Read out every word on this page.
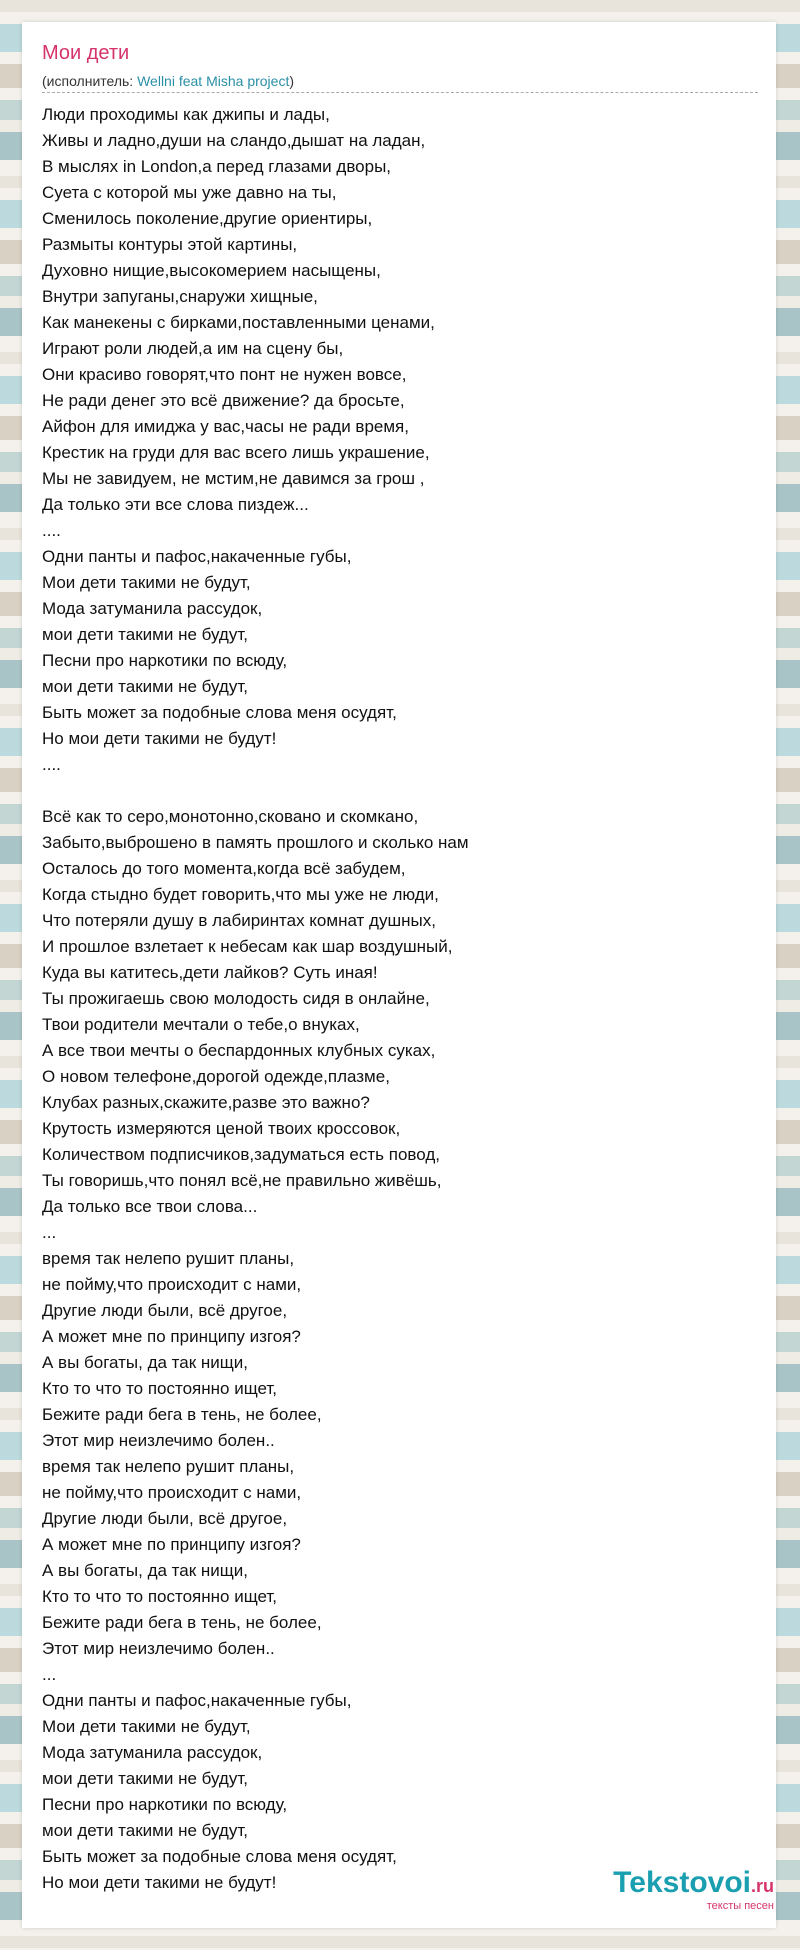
Мои дети
(исполнитель: Wellni feat Misha project)
Люди проходимы как джипы и лады,
Живы и ладно,души на сландо,дышат на ладан,
В мыслях in London,а перед глазами дворы,
Суета с которой мы уже давно на ты,
Сменилось поколение,другие ориентиры,
Размыты контуры этой картины,
Духовно нищие,высокомерием насыщены,
Внутри запуганы,снаружи хищные,
Как манекены с бирками,поставленными ценами,
Играют роли людей,а им на сцену бы,
Они красиво говорят,что понт не нужен вовсе,
Не ради денег это всё движение? да бросьте,
Айфон для имиджа у вас,часы не ради время,
Крестик на груди для вас всего лишь украшение,
Мы не завидуем, не мстим,не давимся за грош ,
Да только эти все слова пиздеж...
....
Одни панты и пафос,накаченные губы,
Мои дети такими не будут,
Мода затуманила рассудок,
мои дети такими не будут,
Песни про наркотики по всюду,
мои дети такими не будут,
Быть может за подобные слова меня осудят,
Но мои дети такими не будут!
....
Всё как то серо,монотонно,сковано и скомкано,
Забыто,выброшено в память прошлого и сколько нам
Осталось до того момента,когда всё забудем,
Когда стыдно будет говорить,что мы уже не люди,
Что потеряли душу в лабиринтах комнат душных,
И прошлое взлетает к небесам как шар воздушный,
Куда вы катитесь,дети лайков? Суть иная!
Ты прожигаешь свою молодость сидя в онлайне,
Твои родители мечтали о тебе,о внуках,
А все твои мечты о беспардонных клубных суках,
О новом телефоне,дорогой одежде,плазме,
Клубах разных,скажите,разве это важно?
Крутость измеряются ценой твоих кроссовок,
Количеством подписчиков,задуматься есть повод,
Ты говоришь,что понял всё,не правильно живёшь,
Да только все твои слова...
...
время так нелепо рушит планы,
не пойму,что происходит с нами,
Другие люди были, всё другое,
А может мне по принципу изгоя?
А вы богаты, да так нищи,
Кто то что то постоянно ищет,
Бежите ради бега в тень, не более,
Этот мир неизлечимо болен..
время так нелепо рушит планы,
не пойму,что происходит с нами,
Другие люди были, всё другое,
А может мне по принципу изгоя?
А вы богаты, да так нищи,
Кто то что то постоянно ищет,
Бежите ради бега в тень, не более,
Этот мир неизлечимо болен..
...
Одни панты и пафос,накаченные губы,
Мои дети такими не будут,
Мода затуманила рассудок,
мои дети такими не будут,
Песни про наркотики по всюду,
мои дети такими не будут,
Быть может за подобные слова меня осудят,
Но мои дети такими не будут!	Tekstovoi.ru
тексты песен
